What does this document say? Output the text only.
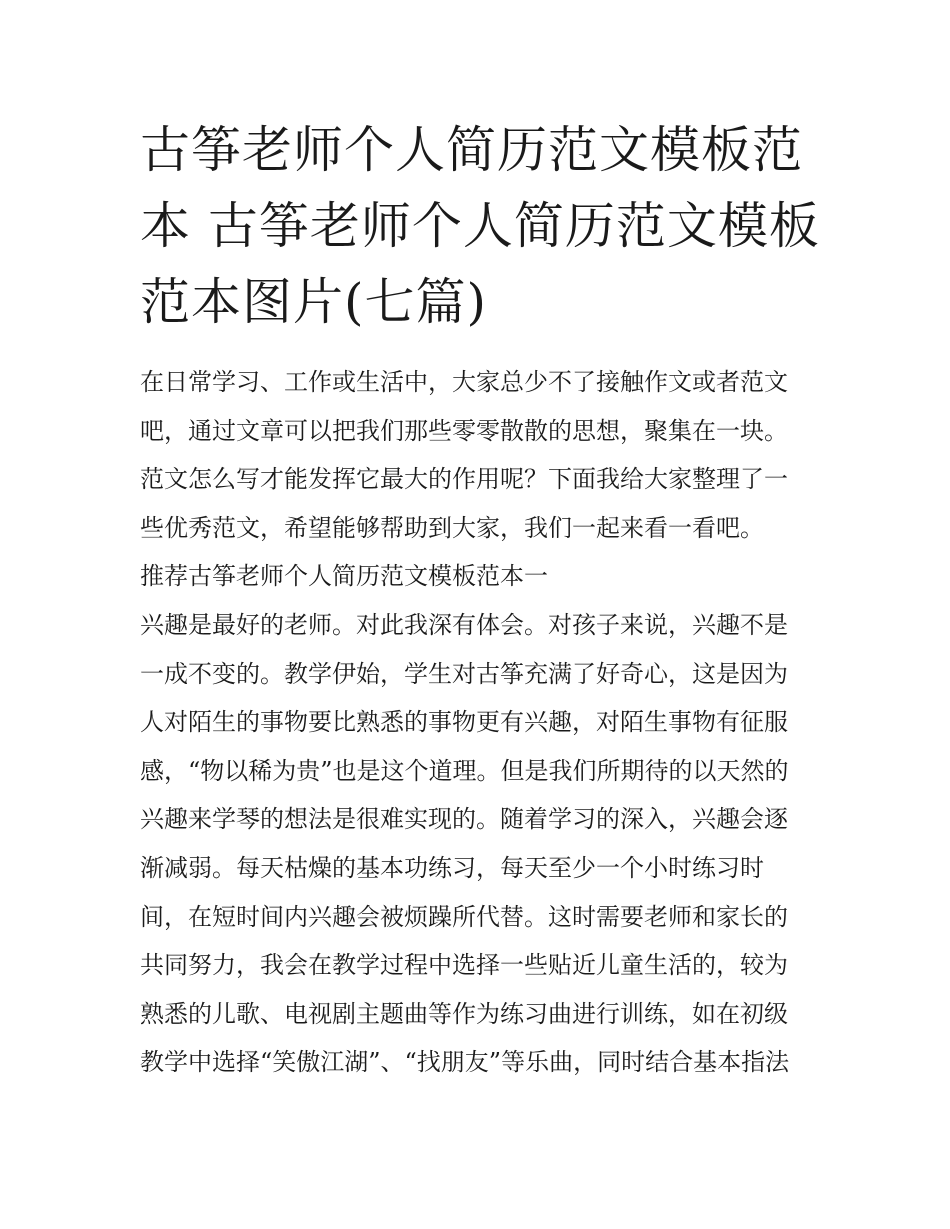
古筝老师个人简历范文模板范
本 古筝老师个人简历范文模板
范本图片(七篇)
在日常学习、工作或生活中，大家总少不了接触作文或者范文
吧，通过文章可以把我们那些零零散散的思想，聚集在一块。
范文怎么写才能发挥它最大的作用呢？下面我给大家整理了一
些优秀范文，希望能够帮助到大家，我们一起来看一看吧。
推荐古筝老师个人简历范文模板范本一
兴趣是最好的老师。对此我深有体会。对孩子来说，兴趣不是
一成不变的。教学伊始，学生对古筝充满了好奇心，这是因为
人对陌生的事物要比熟悉的事物更有兴趣，对陌生事物有征服
感，“物以稀为贵”也是这个道理。但是我们所期待的以天然的
兴趣来学琴的想法是很难实现的。随着学习的深入，兴趣会逐
渐减弱。每天枯燥的基本功练习，每天至少一个小时练习时
间，在短时间内兴趣会被烦躁所代替。这时需要老师和家长的
共同努力，我会在教学过程中选择一些贴近儿童生活的，较为
熟悉的儿歌、电视剧主题曲等作为练习曲进行训练，如在初级
教学中选择“笑傲江湖”、“找朋友”等乐曲，同时结合基本指法
